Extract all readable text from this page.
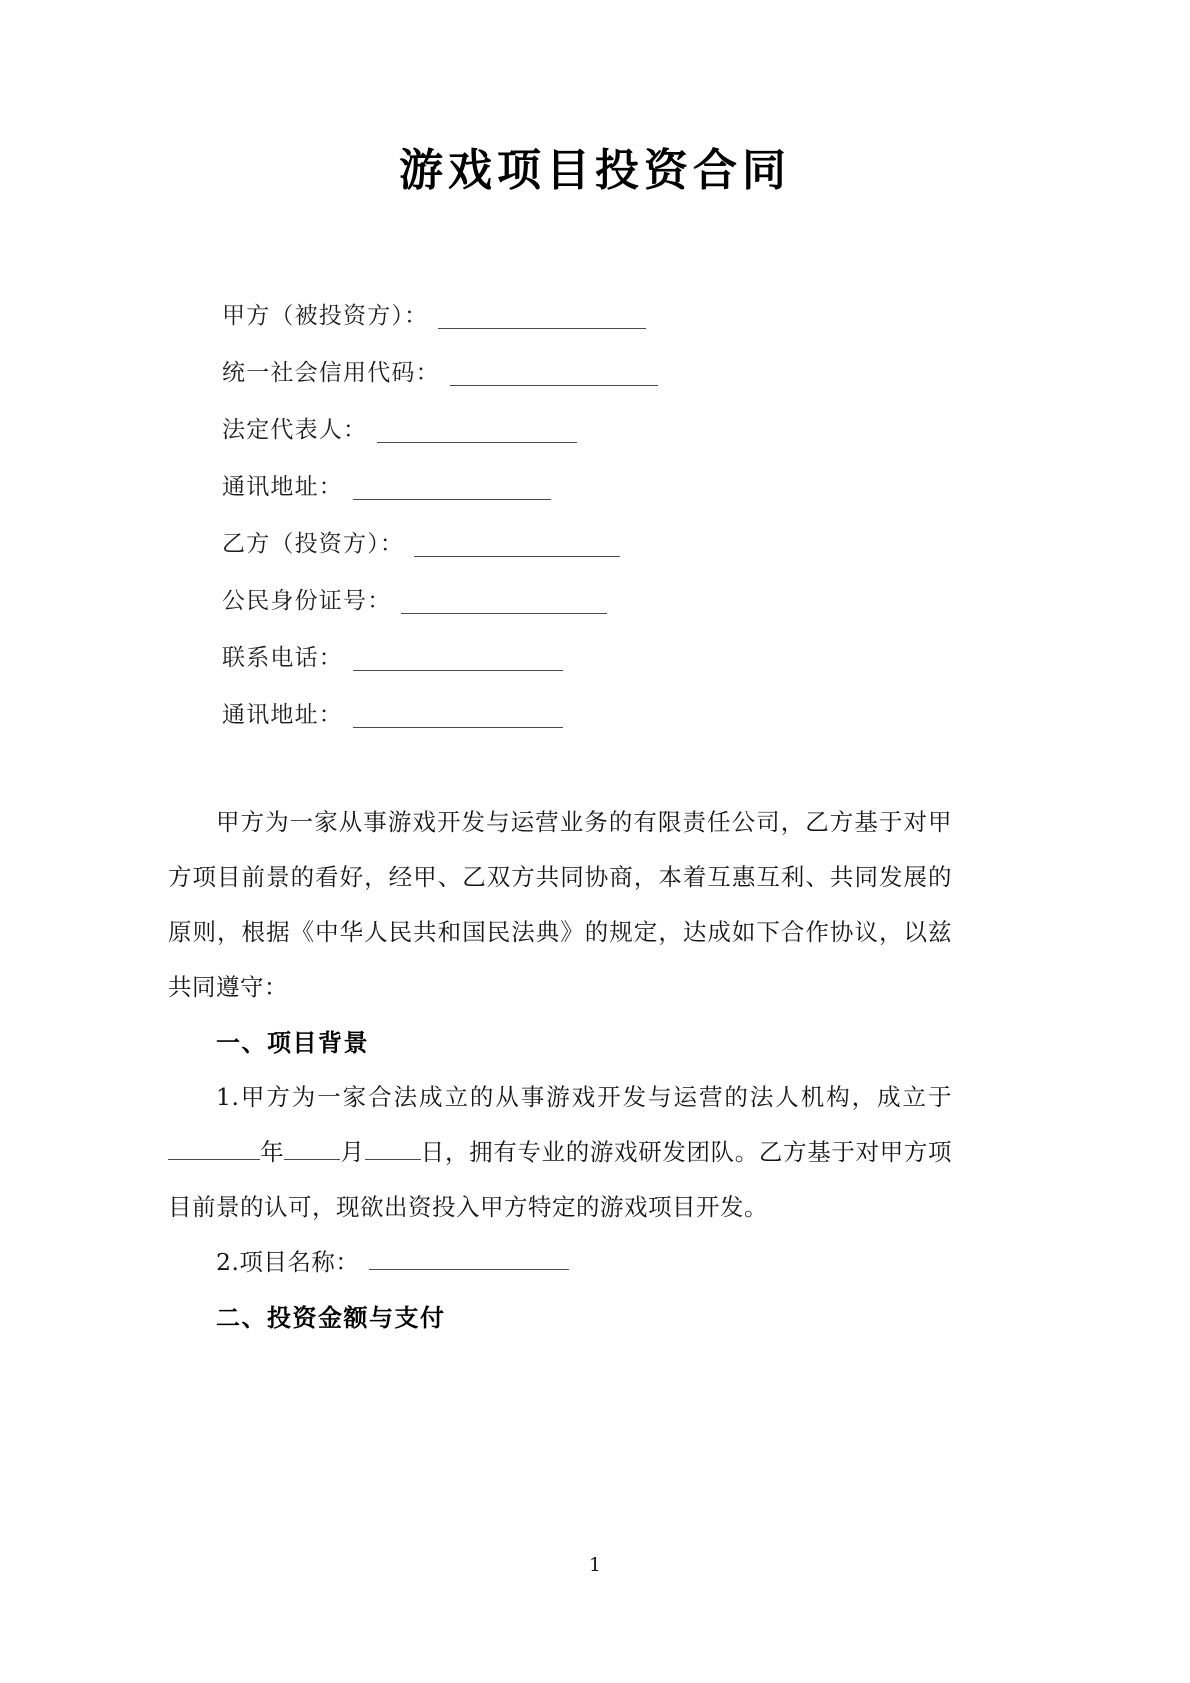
游戏项目投资合同
甲方（被投资方）：
统一社会信用代码：
法定代表人：
通讯地址：
乙方（投资方）：
公民身份证号：
联系电话：
通讯地址：

甲方为一家从事游戏开发与运营业务的有限责任公司，乙方基于对甲方项目前景的看好，经甲、乙双方共同协商，本着互惠互利、共同发展的原则，根据《中华人民共和国民法典》的规定，达成如下合作协议，以兹共同遵守：

一、项目背景

1.甲方为一家合法成立的从事游戏开发与运营的法人机构，成立于年 月 日，拥有专业的游戏研发团队。乙方基于对甲方项目前景的认可，现欲出资投入甲方特定的游戏项目开发。

2.项目名称：

二、投资金额与支付
1
